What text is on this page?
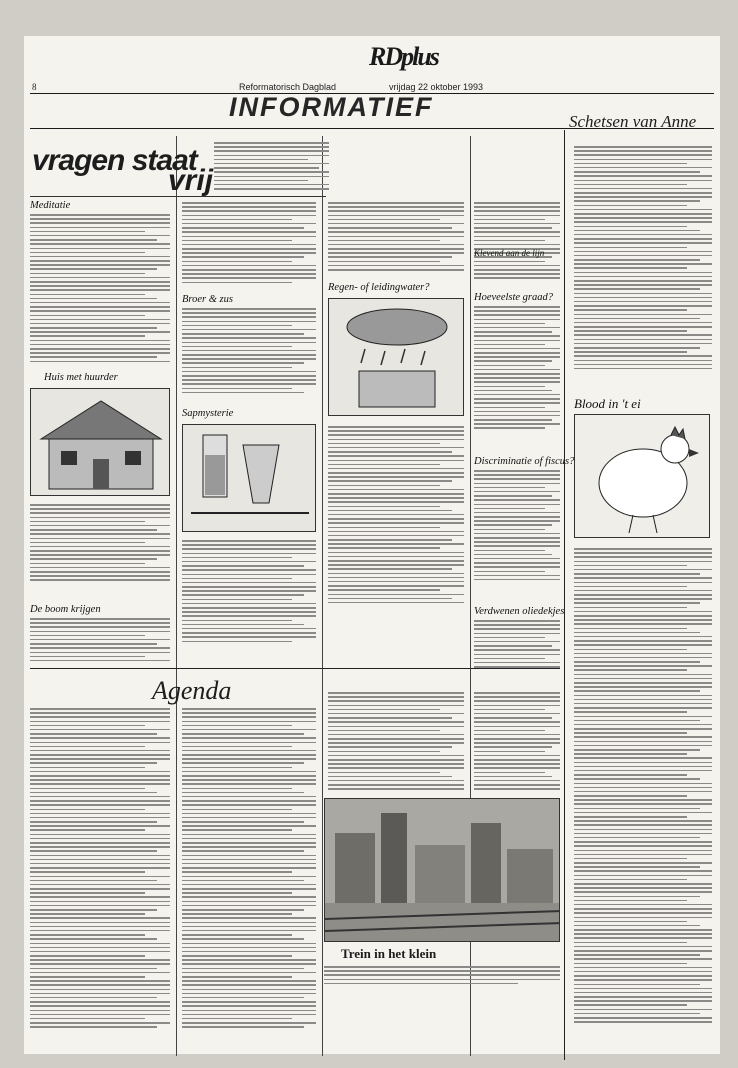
8
RDplus
Reformatorisch Dagblad	vrijdag 22 oktober 1993
INFORMATIEF	Schetsen van Anne
vragen staat
vrij
Meditatie
Huis met huurder
De boom krijgen
Broer & zus
Sapmysterie
Regen- of leidingwater?
Hoeveelste graad?
Discriminatie of fiscus?
Verdwenen oliedekjes
Klevend aan de lijn
Blood in 't ei
Agenda
Trein in het klein
